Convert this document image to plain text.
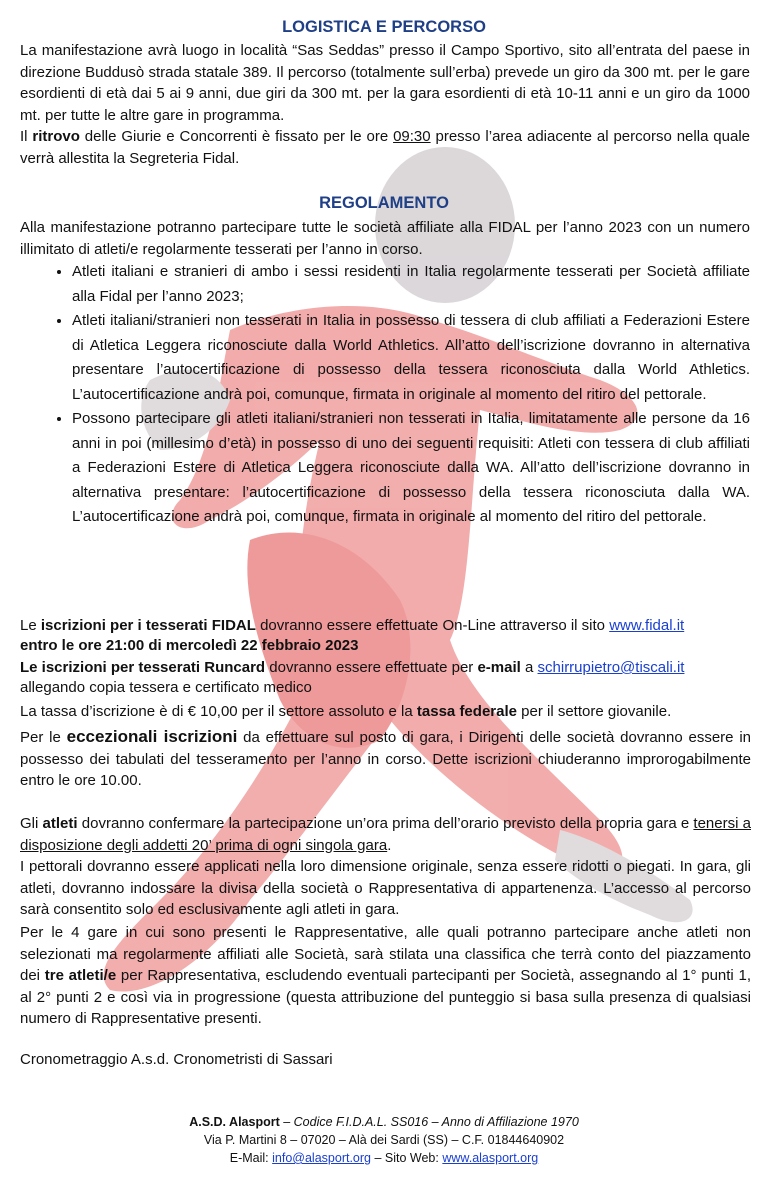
LOGISTICA E PERCORSO

La manifestazione avrà luogo in località “Sas Seddas” presso il Campo Sportivo, sito all’entrata del paese in direzione Buddusò strada statale 389. Il percorso (totalmente sull’erba) prevede un giro da 300 mt. per le gare esordienti di età dai 5 ai 9 anni, due giri da 300 mt. per la gara esordienti di età 10-11 anni e un giro da 1000 mt. per tutte le altre gare in programma.

Il ritrovo delle Giurie e Concorrenti è fissato per le ore 09:30 presso l’area adiacente al percorso nella quale verrà allestita la Segreteria Fidal.

REGOLAMENTO

Alla manifestazione potranno partecipare tutte le società affiliate alla FIDAL per l’anno 2023 con un numero illimitato di atleti/e regolarmente tesserati per l’anno in corso.

• Atleti italiani e stranieri di ambo i sessi residenti in Italia regolarmente tesserati per Società affiliate alla Fidal per l’anno 2023;
• Atleti italiani/stranieri non tesserati in Italia in possesso di tessera di club affiliati a Federazioni Estere di Atletica Leggera riconosciute dalla World Athletics. All’atto dell’iscrizione dovranno in alternativa presentare l’autocertificazione di possesso della tessera riconosciuta dalla World Athletics. L’autocertificazione andrà poi, comunque, firmata in originale al momento del ritiro del pettorale.
• Possono partecipare gli atleti italiani/stranieri non tesserati in Italia, limitatamente alle persone da 16 anni in poi (millesimo d’età) in possesso di uno dei seguenti requisiti: Atleti con tessera di club affiliati a Federazioni Estere di Atletica Leggera riconosciute dalla WA. All’atto dell’iscrizione dovranno in alternativa presentare: l’autocertificazione di possesso della tessera riconosciuta dalla WA. L’autocertificazione andrà poi, comunque, firmata in originale al momento del ritiro del pettorale.

Le iscrizioni per i tesserati FIDAL dovranno essere effettuate On-Line attraverso il sito www.fidal.it
entro le ore 21:00 di mercoledì 22 febbraio 2023

Le iscrizioni per tesserati Runcard dovranno essere effettuate per e-mail a schirrupietro@tiscali.it
allegando copia tessera e certificato medico

La tassa d’iscrizione è di € 10,00 per il settore assoluto e la tassa federale per il settore giovanile.

Per le eccezionali iscrizioni da effettuare sul posto di gara, i Dirigenti delle società dovranno essere in possesso dei tabulati del tesseramento per l’anno in corso. Dette iscrizioni chiuderanno improrogabilmente entro le ore 10.00.

Gli atleti dovranno confermare la partecipazione un’ora prima dell’orario previsto della propria gara e tenersi a disposizione degli addetti 20’ prima di ogni singola gara.

I pettorali dovranno essere applicati nella loro dimensione originale, senza essere ridotti o piegati. In gara, gli atleti, dovranno indossare la divisa della società o Rappresentativa di appartenenza. L’accesso al percorso sarà consentito solo ed esclusivamente agli atleti in gara.

Per le 4 gare in cui sono presenti le Rappresentative, alle quali potranno partecipare anche atleti non selezionati ma regolarmente affiliati alle Società, sarà stilata una classifica che terrà conto del piazzamento dei tre atleti/e per Rappresentativa, escludendo eventuali partecipanti per Società, assegnando al 1° punti 1, al 2° punti 2 e così via in progressione (questa attribuzione del punteggio si basa sulla presenza di qualsiasi numero di Rappresentative presenti.

Cronometraggio A.s.d. Cronometristi di Sassari

A.S.D. Alasport – Codice F.I.D.A.L. SS016 – Anno di Affiliazione 1970
Via P. Martini 8 – 07020 – Alà dei Sardi (SS) – C.F. 01844640902
E-Mail: info@alasport.org – Sito Web: www.alasport.org
